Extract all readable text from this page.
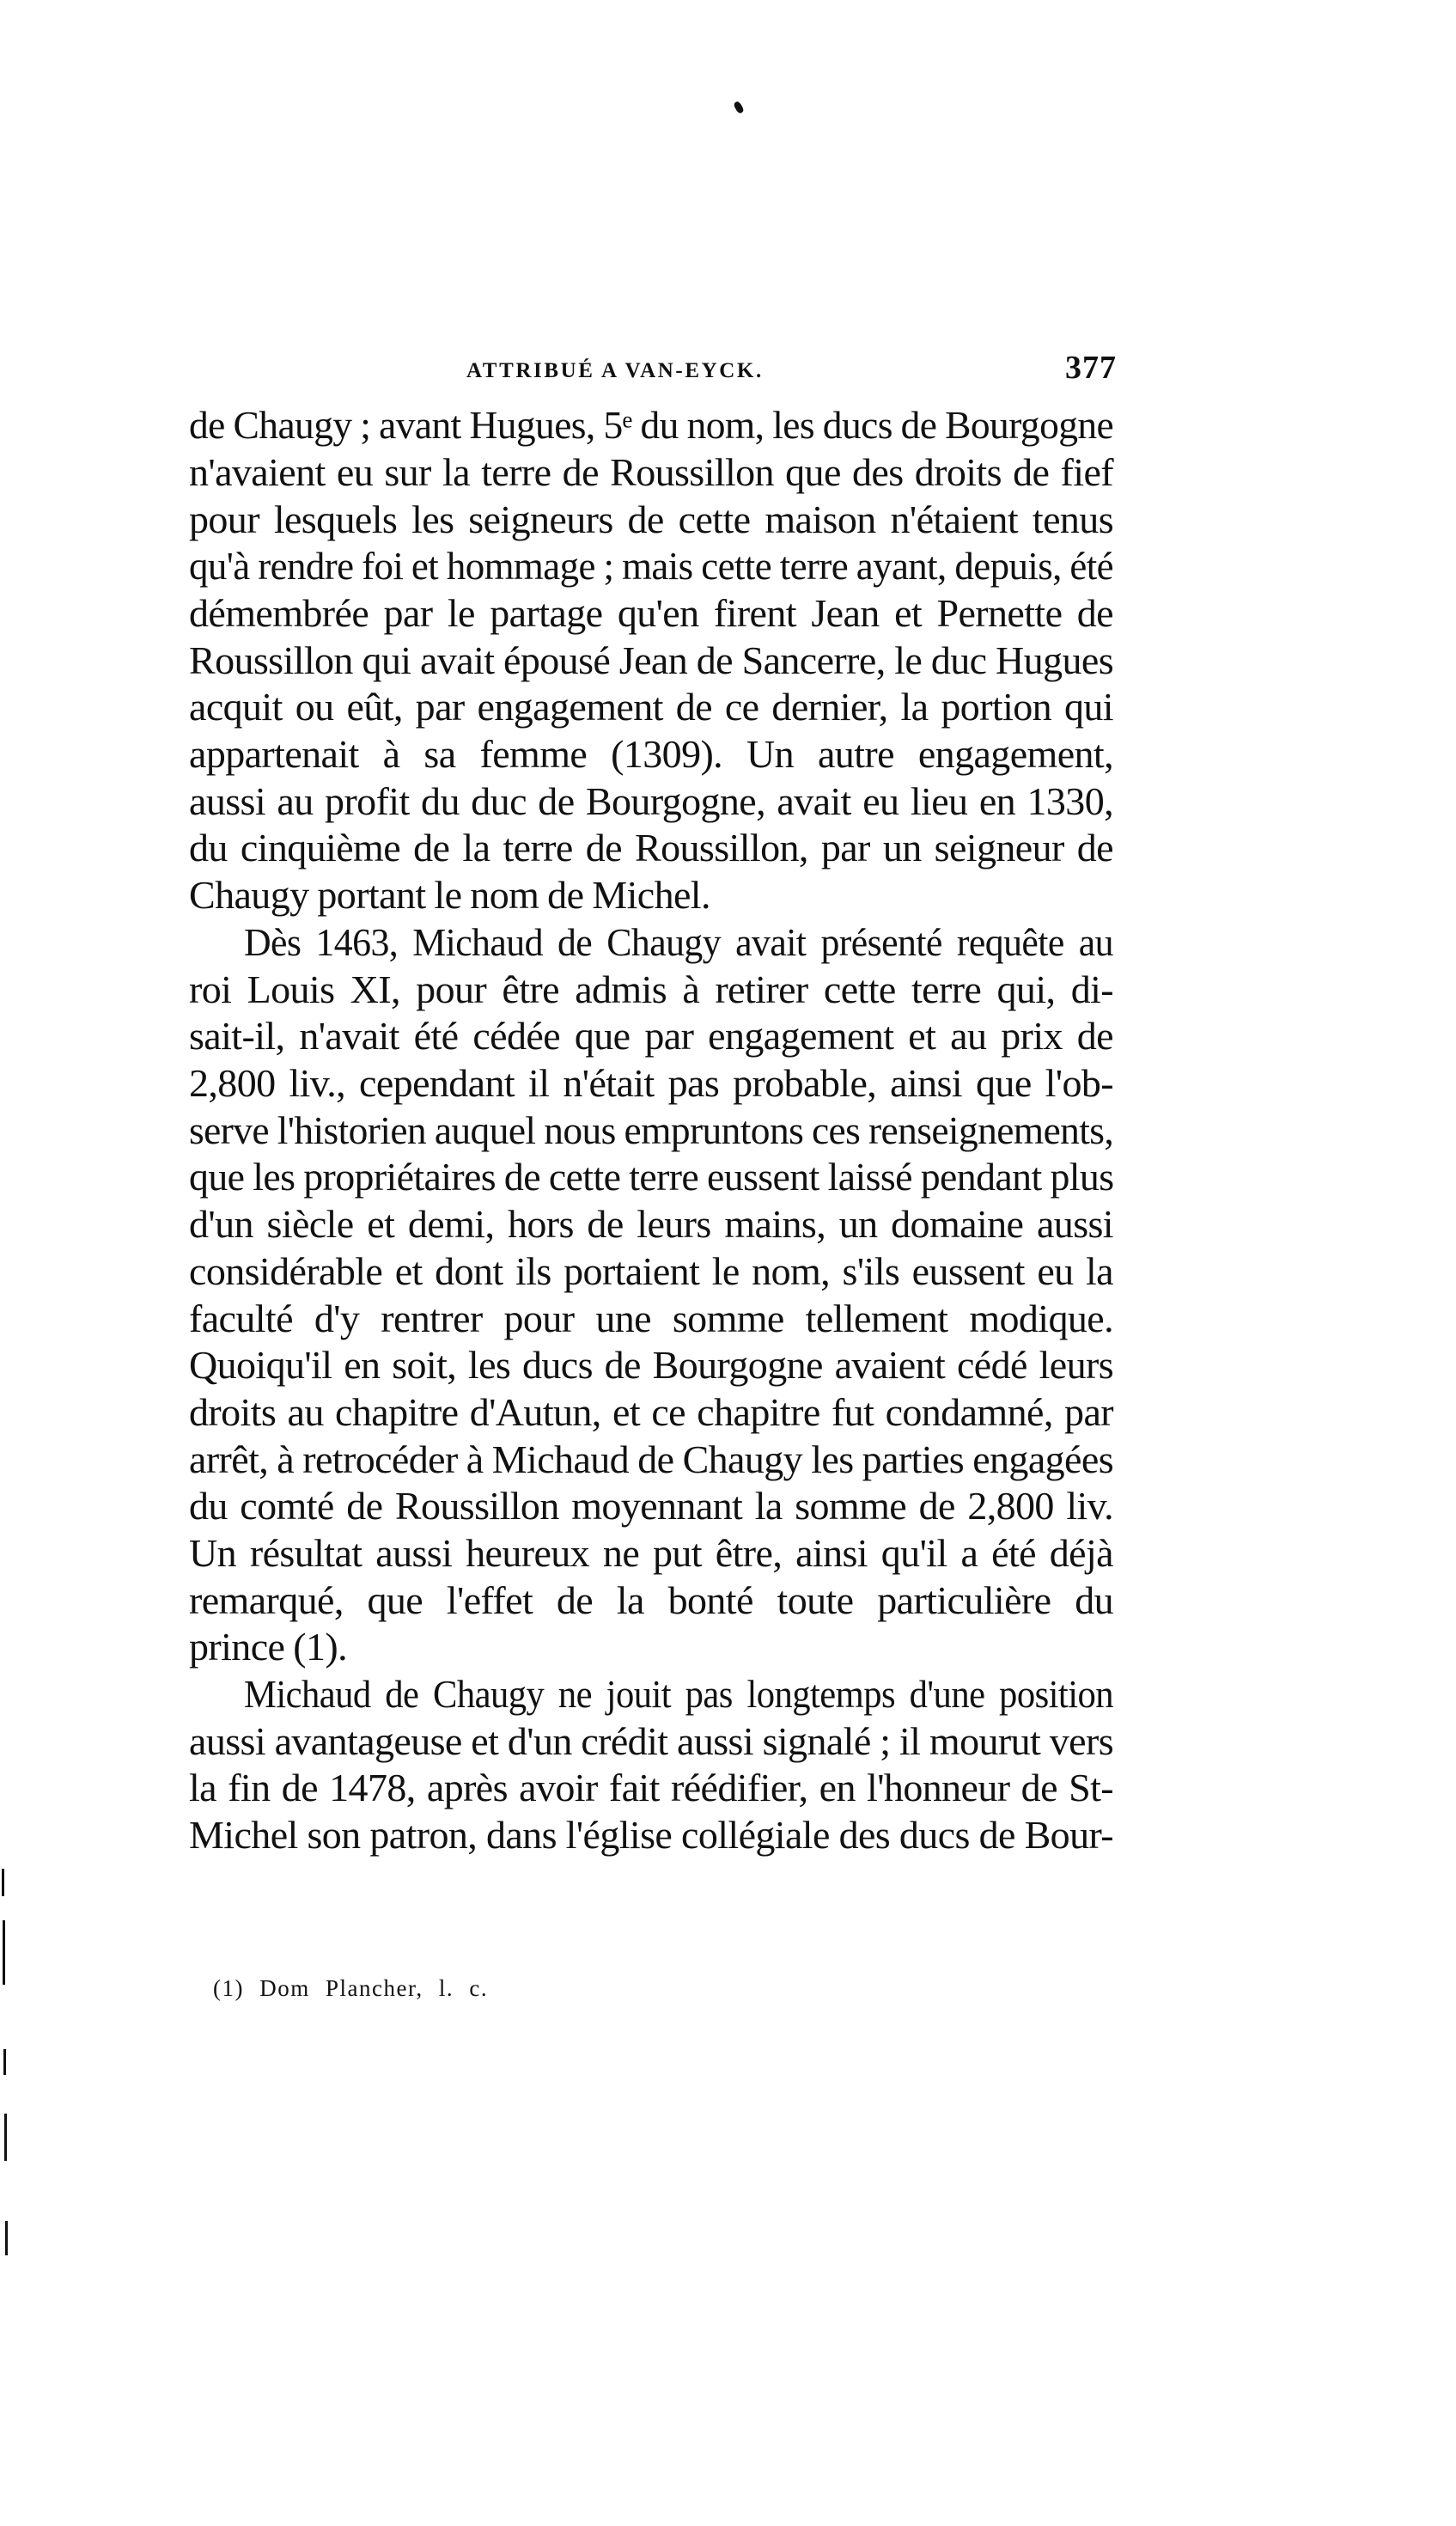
ATTRIBUÉ A VAN-EYCK.	377
de Chaugy ; avant Hugues, 5ᵉ du nom, les ducs de Bourgogne
n'avaient eu sur la terre de Roussillon que des droits de fief
pour lesquels les seigneurs de cette maison n'étaient tenus
qu'à rendre foi et hommage ; mais cette terre ayant, depuis, été
démembrée par le partage qu'en firent Jean et Pernette de
Roussillon qui avait épousé Jean de Sancerre, le duc Hugues
acquit ou eût, par engagement de ce dernier, la portion qui
appartenait à sa femme (1309). Un autre engagement,
aussi au profit du duc de Bourgogne, avait eu lieu en 1330,
du cinquième de la terre de Roussillon, par un seigneur de
Chaugy portant le nom de Michel.
Dès 1463, Michaud de Chaugy avait présenté requête au
roi Louis XI, pour être admis à retirer cette terre qui, di-
sait-il, n'avait été cédée que par engagement et au prix de
2,800 liv., cependant il n'était pas probable, ainsi que l'ob-
serve l'historien auquel nous empruntons ces renseignements,
que les propriétaires de cette terre eussent laissé pendant plus
d'un siècle et demi, hors de leurs mains, un domaine aussi
considérable et dont ils portaient le nom, s'ils eussent eu la
faculté d'y rentrer pour une somme tellement modique.
Quoiqu'il en soit, les ducs de Bourgogne avaient cédé leurs
droits au chapitre d'Autun, et ce chapitre fut condamné, par
arrêt, à retrocéder à Michaud de Chaugy les parties engagées
du comté de Roussillon moyennant la somme de 2,800 liv.
Un résultat aussi heureux ne put être, ainsi qu'il a été déjà
remarqué, que l'effet de la bonté toute particulière du
prince (1).
Michaud de Chaugy ne jouit pas longtemps d'une position
aussi avantageuse et d'un crédit aussi signalé ; il mourut vers
la fin de 1478, après avoir fait réédifier, en l'honneur de St-
Michel son patron, dans l'église collégiale des ducs de Bour-
(1) Dom Plancher, l. c.
